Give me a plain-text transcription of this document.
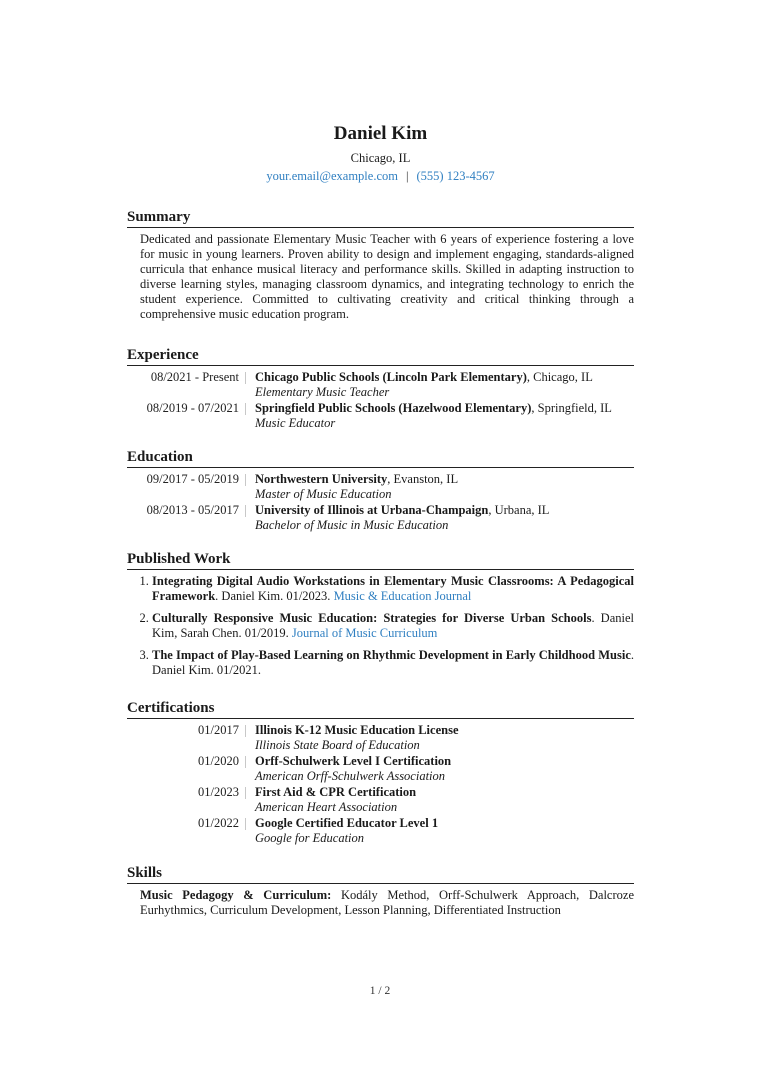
Daniel Kim
Chicago, IL
your.email@example.com | (555) 123-4567
Summary
Dedicated and passionate Elementary Music Teacher with 6 years of experience fostering a love for music in young learners. Proven ability to design and implement engaging, standards-aligned curricula that enhance musical literacy and performance skills. Skilled in adapting instruction to diverse learning styles, managing classroom dynamics, and integrating technology to enrich the student experience. Committed to cultivating creativity and critical thinking through a comprehensive music education program.
Experience
08/2021 - Present	Chicago Public Schools (Lincoln Park Elementary), Chicago, IL
Elementary Music Teacher
08/2019 - 07/2021	Springfield Public Schools (Hazelwood Elementary), Springfield, IL
Music Educator
Education
09/2017 - 05/2019	Northwestern University, Evanston, IL
Master of Music Education
08/2013 - 05/2017	University of Illinois at Urbana-Champaign, Urbana, IL
Bachelor of Music in Music Education
Published Work
1. Integrating Digital Audio Workstations in Elementary Music Classrooms: A Pedagogical Framework. Daniel Kim. 01/2023. Music & Education Journal
2. Culturally Responsive Music Education: Strategies for Diverse Urban Schools. Daniel Kim, Sarah Chen. 01/2019. Journal of Music Curriculum
3. The Impact of Play-Based Learning on Rhythmic Development in Early Childhood Music. Daniel Kim. 01/2021.
Certifications
01/2017	Illinois K-12 Music Education License
Illinois State Board of Education
01/2020	Orff-Schulwerk Level I Certification
American Orff-Schulwerk Association
01/2023	First Aid & CPR Certification
American Heart Association
01/2022	Google Certified Educator Level 1
Google for Education
Skills
Music Pedagogy & Curriculum: Kodály Method, Orff-Schulwerk Approach, Dalcroze Eurhythmics, Curriculum Development, Lesson Planning, Differentiated Instruction
1 / 2
